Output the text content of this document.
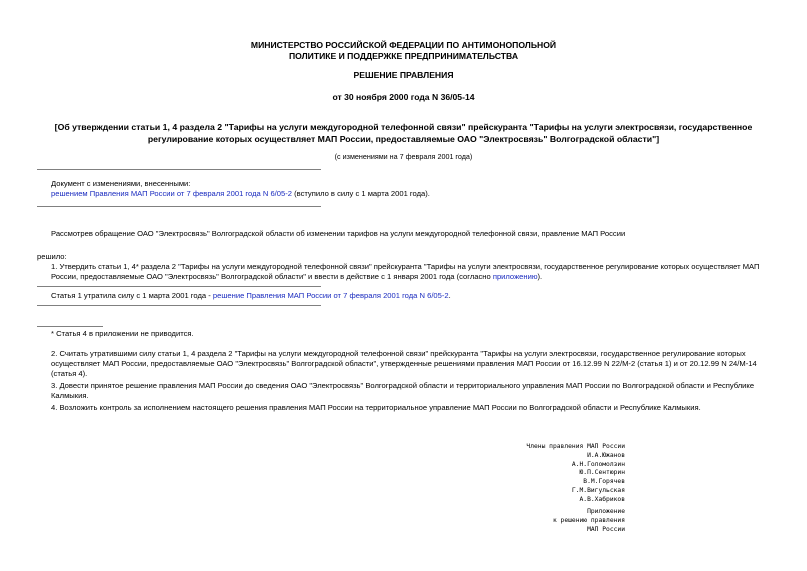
МИНИСТЕРСТВО РОССИЙСКОЙ ФЕДЕРАЦИИ ПО АНТИМОНОПОЛЬНОЙ
ПОЛИТИКЕ И ПОДДЕРЖКЕ ПРЕДПРИНИМАТЕЛЬСТВА
РЕШЕНИЕ ПРАВЛЕНИЯ
от 30 ноября 2000 года N 36/05-14
[Об утверждении статьи 1, 4 раздела 2 "Тарифы на услуги междугородной телефонной связи" прейскуранта "Тарифы на услуги электросвязи, государственное регулирование которых осуществляет МАП России, предоставляемые ОАО "Электросвязь" Волгоградской области"]
(с изменениями на 7 февраля 2001 года)
Документ с изменениями, внесенными:
решением Правления МАП России от 7 февраля 2001 года N 6/05-2 (вступило в силу с 1 марта 2001 года).
Рассмотрев обращение ОАО "Электросвязь" Волгоградской области об изменении тарифов на услуги междугородной телефонной связи, правление МАП России
решило:
1. Утвердить статьи 1, 4* раздела 2 "Тарифы на услуги междугородной телефонной связи" прейскуранта "Тарифы на услуги электросвязи, государственное регулирование которых осуществляет МАП России, предоставляемые ОАО "Электросвязь" Волгоградской области" и ввести в действие с 1 января 2001 года (согласно приложению).
Статья 1 утратила силу с 1 марта 2001 года - решение Правления МАП России от 7 февраля 2001 года N 6/05-2.
* Статья 4 в приложении не приводится.
2. Считать утратившими силу статьи 1, 4 раздела 2 "Тарифы на услуги междугородной телефонной связи" прейскуранта "Тарифы на услуги электросвязи, государственное регулирование которых осуществляет МАП России, предоставляемые ОАО "Электросвязь" Волгоградской области", утвержденные решениями правления МАП России от 16.12.99 N 22/М-2 (статья 1) и от 20.12.99 N 24/М-14 (статья 4).
3. Довести принятое решение правления МАП России до сведения ОАО "Электросвязь" Волгоградской области и территориального управления МАП России по Волгоградской области и Республике Калмыкия.
4. Возложить контроль за исполнением настоящего решения правления МАП России на территориальное управление МАП России по Волгоградской области и Республике Калмыкия.
Члены правления МАП России
И.А.Южанов
А.Н.Голомолзин
Ю.П.Сентюрин
В.М.Горячев
Г.М.Вигульская
А.В.Хабриков
Приложение
к решению правления
МАП России
